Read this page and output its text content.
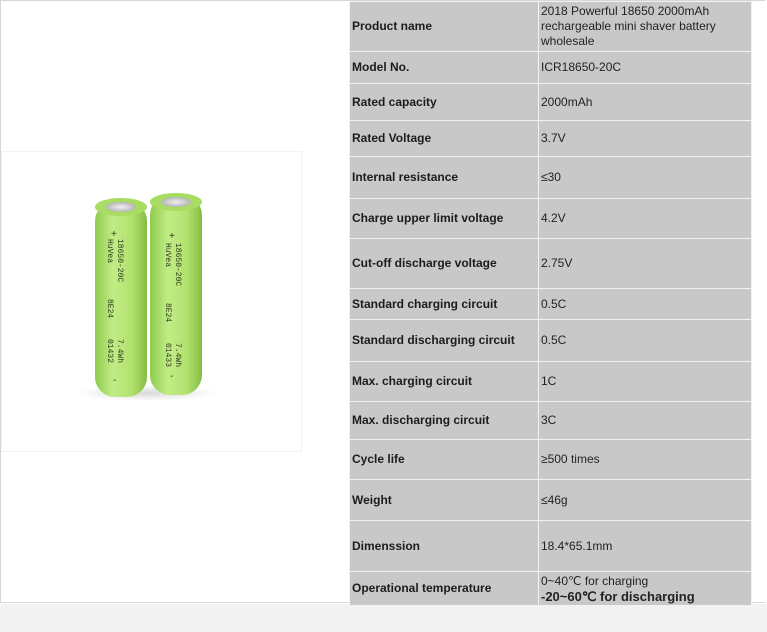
18650-20C
HuVea
8E24
7.4Wh
01432
+
-
18650-20C
HuVea
8E24
7.4Wh
01433
+
-
Product name	2018 Powerful 18650 2000mAh rechargeable mini shaver battery wholesale
Model No.	ICR18650-20C
Rated capacity	2000mAh
Rated Voltage	3.7V
Internal resistance	≤30
Charge upper limit voltage	4.2V
Cut-off discharge voltage	2.75V
Standard charging circuit	0.5C
Standard discharging circuit	0.5C
Max. charging circuit	1C
Max. discharging circuit	3C
Cycle life	≥500 times
Weight	≤46g
Dimenssion	18.4*65.1mm
Operational temperature	0~40℃ for charging
-20~60℃ for discharging
